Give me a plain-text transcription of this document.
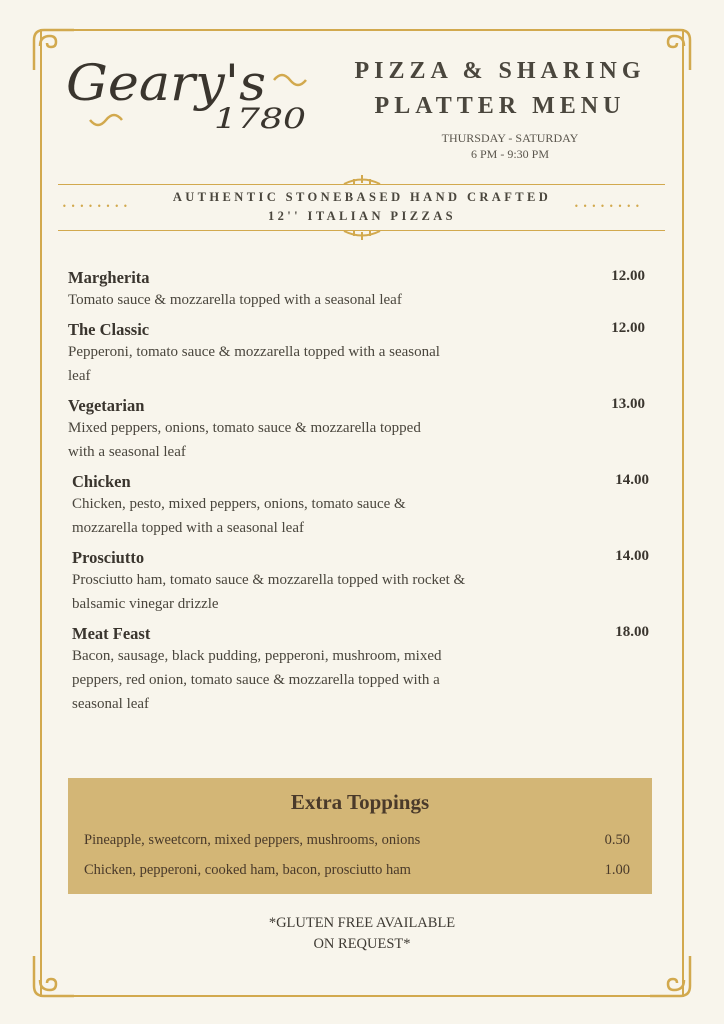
Geary's
1780
PIZZA & SHARING
PLATTER MENU
THURSDAY - SATURDAY
6 PM - 9:30 PM
••••••••
AUTHENTIC STONEBASED HAND CRAFTED
12'' ITALIAN PIZZAS
••••••••
Margherita
Tomato sauce & mozzarella topped with a seasonal leaf
12.00
The Classic
Pepperoni, tomato sauce & mozzarella topped with a seasonal leaf
12.00
Vegetarian
Mixed peppers, onions, tomato sauce & mozzarella topped with a seasonal leaf
13.00
Chicken
Chicken, pesto, mixed peppers, onions, tomato sauce & mozzarella topped with a seasonal leaf
14.00
Prosciutto
Prosciutto ham, tomato sauce & mozzarella topped with rocket & balsamic vinegar drizzle
14.00
Meat Feast
Bacon, sausage, black pudding, pepperoni, mushroom, mixed peppers, red onion, tomato sauce & mozzarella topped with a seasonal leaf
18.00
Extra Toppings
Pineapple, sweetcorn, mixed peppers, mushrooms, onions	0.50
Chicken, pepperoni, cooked ham, bacon, prosciutto ham	1.00
*GLUTEN FREE AVAILABLE
ON REQUEST*
